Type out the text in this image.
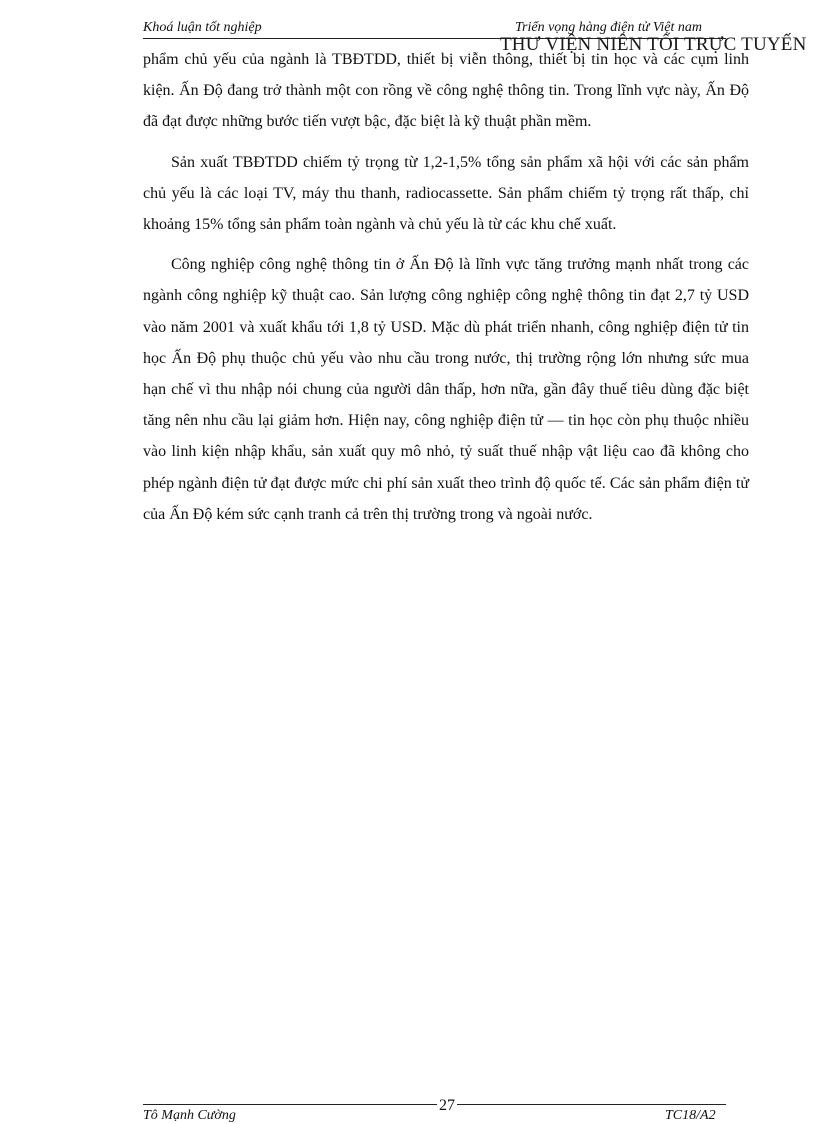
Khoá luận tốt nghiệp	Triển vọng hàng điện tử Việt nam
THƯ VIỆN NIÊN TỐI TRỰC TUYẾN

phẩm chủ yếu của ngành là TBĐTDD, thiết bị viễn thông, thiết bị tin học và các cụm linh kiện. Ấn Độ đang trở thành một con rồng về công nghệ thông tin. Trong lĩnh vực này, Ấn Độ đã đạt được những bước tiến vượt bậc, đặc biệt là kỹ thuật phần mềm.

Sản xuất TBĐTDD chiếm tỷ trọng từ 1,2-1,5% tổng sản phẩm xã hội với các sản phẩm chủ yếu là các loại TV, máy thu thanh, radiocassette. Sản phẩm chiếm tỷ trọng rất thấp, chỉ khoảng 15% tổng sản phẩm toàn ngành và chủ yếu là từ các khu chế xuất.

Công nghiệp công nghệ thông tin ở Ấn Độ là lĩnh vực tăng trưởng mạnh nhất trong các ngành công nghiệp kỹ thuật cao. Sản lượng công nghiệp công nghệ thông tin đạt 2,7 tỷ USD vào năm 2001 và xuất khẩu tới 1,8 tỷ USD. Mặc dù phát triển nhanh, công nghiệp điện tử tin học Ấn Độ phụ thuộc chủ yếu vào nhu cầu trong nước, thị trường rộng lớn nhưng sức mua hạn chế vì thu nhập nói chung của người dân thấp, hơn nữa, gần đây thuế tiêu dùng đặc biệt tăng nên nhu cầu lại giảm hơn. Hiện nay, công nghiệp điện tử — tin học còn phụ thuộc nhiều vào linh kiện nhập khẩu, sản xuất quy mô nhỏ, tỷ suất thuế nhập vật liệu cao đã không cho phép ngành điện tử đạt được mức chi phí sản xuất theo trình độ quốc tế. Các sản phẩm điện tử của Ấn Độ kém sức cạnh tranh cả trên thị trường trong và ngoài nước.

Tô Mạnh Cường
27
TC18/A2
